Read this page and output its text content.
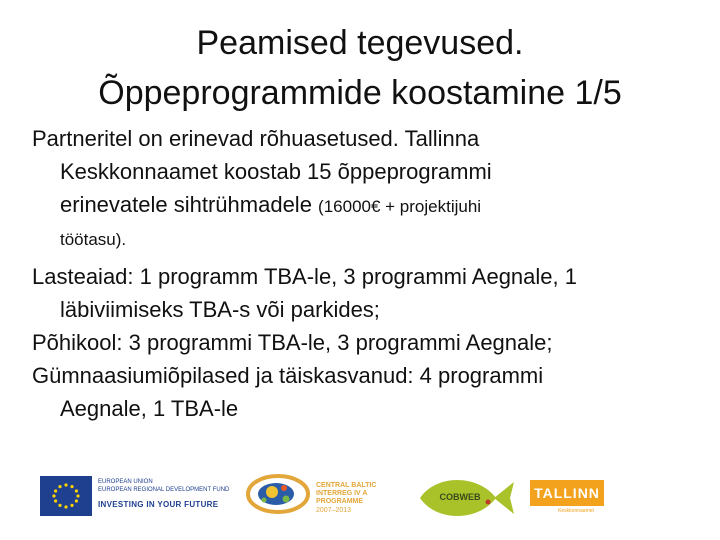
Peamised tegevused.
Õppeprogrammide koostamine 1/5

Partneritel on erinevad rõhuasetused. Tallinna
Keskkonnaamet koostab 15 õppeprogrammi
erinevatele sihtrühmadele (16000€ + projektijuhi
töötasu).

Lasteaiad: 1 programm TBA-le, 3 programmi Aegnale, 1
läbiviimiseks TBA-s või parkides;

Põhikool: 3 programmi TBA-le, 3 programmi Aegnale;

Gümnaasiumiõpilased ja täiskasvanud: 4 programmi
Aegnale, 1 TBA-le

EUROPEAN UNION
EUROPEAN REGIONAL DEVELOPMENT FUND
INVESTING IN YOUR FUTURE
CENTRAL BALTIC
INTERREG IV A
PROGRAMME
2007–2013
COBWEB	TALLINN
Keskkonnaamet
